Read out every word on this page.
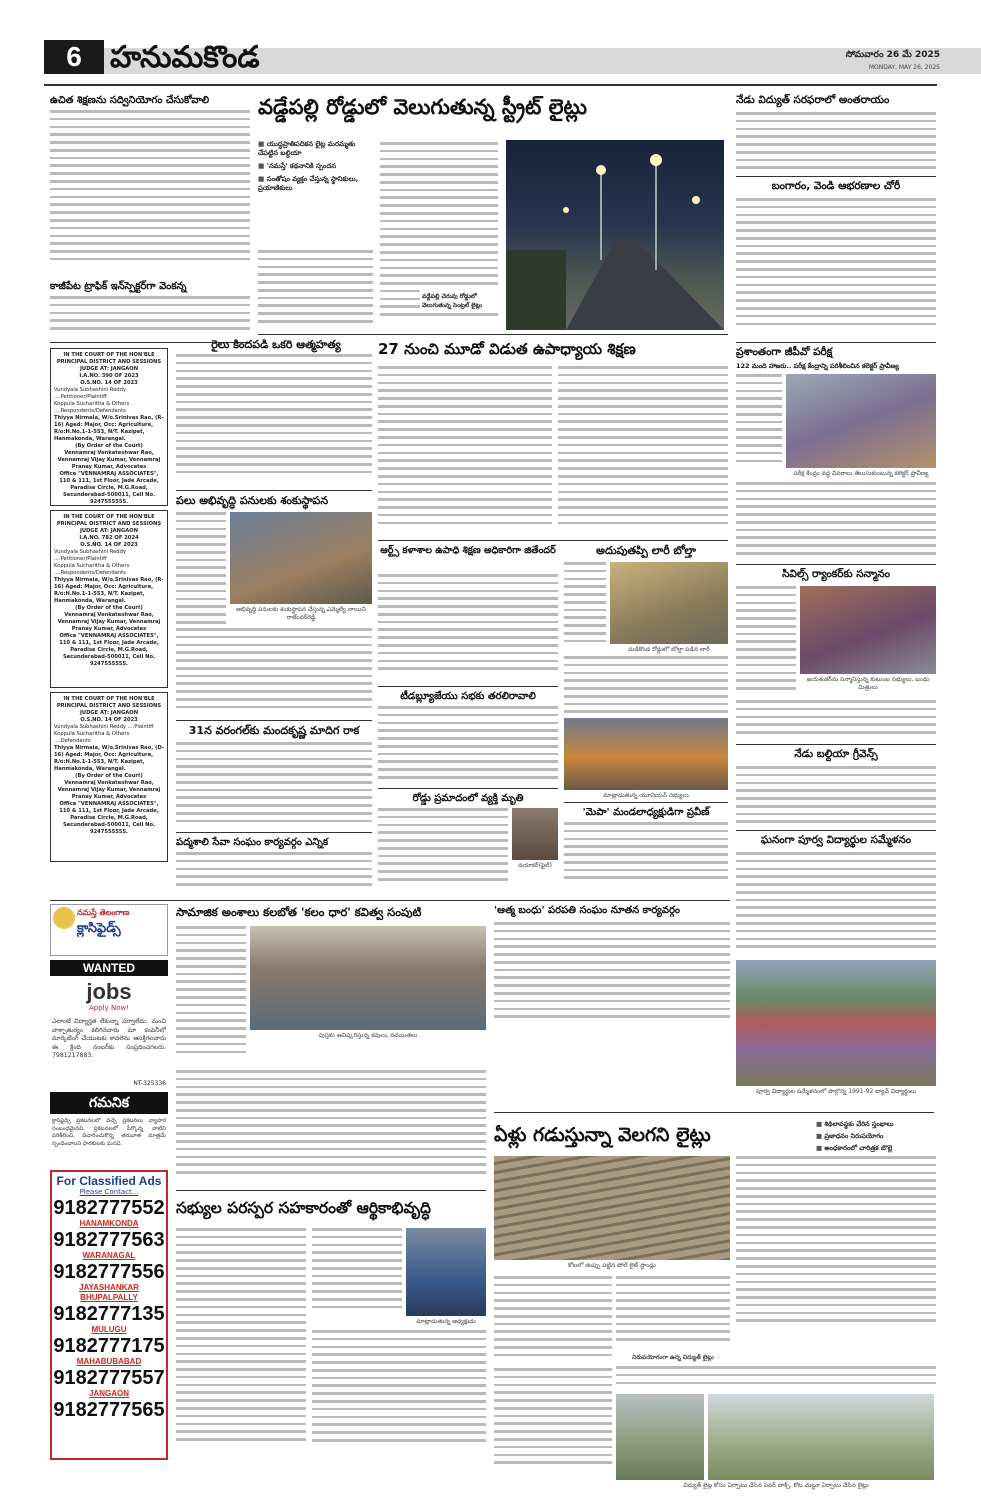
6 హనుమకొండ	సోమవారం 26 మే 2025
MONDAY, MAY 26, 2025
ఉచిత శిక్షణను సద్వినియోగం చేసుకోవాలి
కాజీపేట ట్రాఫిక్ ఇన్‌స్పెక్టర్‌గా వెంకన్న
IN THE COURT OF THE HON'BLE PRINCIPAL DISTRICT AND SESSIONS JUDGE AT: JANGAON
I.A.NO. 390 OF 2023
O.S.NO. 14 OF 2023
Vundyala Subhashini Reddy ....Petitioner/Plaintiff
Koppula Sucharitha & Others ....Respondents/Defendants
Thiyya Nirmala, W/o.Srinivas Rao, (R-16) Aged: Major, Occ: Agriculture, R/o:H.No.1-1-553, N/T. Kazipet, Hanmakonda, Warangal.
(By Order of the Court)
Vennamraj Venkateshwar Rao, Vennamraj Vijay Kumar, Vennamraj Pranay Kumar, Advocates
Office "VENNAMRAJ ASSOCIATES", 110 & 111, 1st Floor, Jade Arcade, Paradise Circle, M.G.Road, Secunderabad-500011, Cell No. 9247555555.
IN THE COURT OF THE HON'BLE PRINCIPAL DISTRICT AND SESSIONS JUDGE AT: JANGAON
I.A.NO. 782 OF 2024
O.S.NO. 14 OF 2023
Vundyala Subhashini Reddy ....Petitioner/Plaintiff
Koppula Sucharitha & Others ....Respondents/Defendants
Thiyya Nirmala, W/o.Srinivas Rao, (R-16) Aged: Major, Occ: Agriculture, R/o:H.No.1-1-553, N/T. Kazipet, Hanmakonda, Warangal.
(By Order of the Court)
Vennamraj Venkateshwar Rao, Vennamraj Vijay Kumar, Vennamraj Pranay Kumar, Advocates
Office "VENNAMRAJ ASSOCIATES", 110 & 111, 1st Floor, Jade Arcade, Paradise Circle, M.G.Road, Secunderabad-500011, Cell No. 9247555555.
IN THE COURT OF THE HON'BLE PRINCIPAL DISTRICT AND SESSIONS JUDGE AT: JANGAON
O.S.NO. 14 OF 2023
Vundyala Subhashini Reddy ....Plaintiff
Koppula Sucharitha & Others ....Defendants
Thiyya Nirmala, W/o.Srinivas Rao, (D-16) Aged: Major, Occ: Agriculture, R/o:H.No.1-1-553, N/T. Kazipet, Hanmakonda, Warangal.
(By Order of the Court)
Vennamraj Venkateshwar Rao, Vennamraj Vijay Kumar, Vennamraj Pranay Kumar, Advocates
Office "VENNAMRAJ ASSOCIATES", 110 & 111, 1st Floor, Jade Arcade, Paradise Circle, M.G.Road, Secunderabad-500011, Cell No. 9247555555.
వడ్డేపల్లి రోడ్డులో వెలుగుతున్న స్ట్రీట్ లైట్లు
■ యుద్ధప్రాతిపదికన లైట్ల మరమ్మతు చేపట్టిన బల్దియా
■ 'నమస్తే' కథనానికి స్పందన
■ సంతోషం వ్యక్తం చేస్తున్న స్థానికులు, ప్రయాణికులు
వడ్డేపల్లి చెరువు రోడ్డులో వెలుగుతున్న సెంట్రల్ లైట్లు
రైలు కిందపడి ఒకరి ఆత్మహత్య
పలు అభివృద్ధి పనులకు శంకుస్థాపన
అభివృద్ధి పనులకు శంకుస్థాపన చేస్తున్న ఎమ్మెల్యే నాయిని రాజేందర్‌రెడ్డి
31న వరంగల్‌కు మందకృష్ణ మాదిగ రాక
పద్మశాలి సేవా సంఘం కార్యవర్గం ఎన్నిక
27 నుంచి మూడో విడుత ఉపాధ్యాయ శిక్షణ
ఆర్ట్స్ కళాశాల ఉపాధి శిక్షణ అధికారిగా జితేందర్
టీడబ్ల్యూజేయు సభకు తరలిరావాలి
రోడ్డు ప్రమాదంలో వ్యక్తి మృతి
దయాకర్(ఫైల్)
అదుపుతప్పి లారీ బోల్తా
మడికొండ రోడ్డులో బోల్తా పడిన లారీ
మాట్లాడుతున్న యూనియన్ సభ్యులు
'మెపా' మండలాధ్యక్షుడిగా ప్రవీణ్
నేడు విద్యుత్ సరఫరాలో అంతరాయం
బంగారం, వెండి ఆభరణాల చోరీ
ప్రశాంతంగా జీపీవో పరీక్ష
122 మంది హాజరు.. పరీక్ష కేంద్రాన్ని పరిశీలించిన కలెక్టర్ ప్రావీణ్య
పరీక్ష కేంద్రం వద్ద వివరాలు తెలుసుకుంటున్న కలెక్టర్ ప్రావీణ్య
సివిల్స్ ర్యాంకర్‌కు సన్మానం
జయశంకర్‌ను సన్మానిస్తున్న కుటుంబ సభ్యులు, బంధు మిత్రులు
నేడు బల్దియా గ్రీవెన్స్
ఘనంగా పూర్వ విద్యార్థుల సమ్మేళనం
పూర్వ విద్యార్థుల సమ్మేళనంలో పాల్గొన్న 1991-92 బ్యాచ్ విద్యార్థులు
నమస్తే తెలంగాణ
క్లాసిఫైడ్స్
WANTED
jobs
Apply Now!
ఎలాంటి విద్యార్హత లేకున్నా పర్వాలేదు. మంచి వాక్చాతుర్యం కలిగినవారు మా కంపెనీలో మార్కెటింగ్ చేయుటకు కావలెను ఆసక్తిగలవారు ఈ క్రింది నంబర్‌కు సంప్రదించగలరు. 7981217883.
NT-325336
గమనిక
క్లాసిఫైడ్స్ ప్రకటనలలో వచ్చే ప్రకటనలు వ్యాపార సంబంధమైనవి. ప్రకటనలలో పేర్కొన్న వాటిని పరిశీలించి, విచారించుకొన్న తరువాత మాత్రమే స్పందించాలని పాఠకులకు మనవి.
For Classified Ads
Please Contact...
9182777552
HANAMKONDA
9182777563
WARANAGAL
9182777556
JAYASHANKAR BHUPALPALLY
9182777135
MULUGU
9182777175
MAHABUBABAD
9182777557
JANGAON
9182777565
సామాజిక అంశాలు కలబోత 'కలం ధార' కవిత్వ సంపుటి
పుస్తకం ఆవిష్కరిస్తున్న కవులు, రచయితలు
సభ్యుల పరస్పర సహకారంతో ఆర్థికాభివృద్ధి
మాట్లాడుతున్న అధ్యక్షుడు
'ఆత్మ బంధు' పరపతి సంఘం నూతన కార్యవర్గం
ఏళ్లు గడుస్తున్నా వెలగని లైట్లు
■	శిథిలావస్థకు చేరిన స్తంభాలు
■ ప్రజాధనం నిరుపయోగం
■ అంధకారంలో చారిత్రక బొల్లె
కోటలో తుప్పు పట్టిన పోల్ లైట్ స్టాండ్లు
నిరుపయోగంగా ఉన్న విద్యుత్ లైట్లు
విద్యుత్ లైట్ల కోసం ఏర్పాటు చేసిన పవర్ బాక్స్, కోట చుట్టూ ఏర్పాటు చేసిన లైట్లు
